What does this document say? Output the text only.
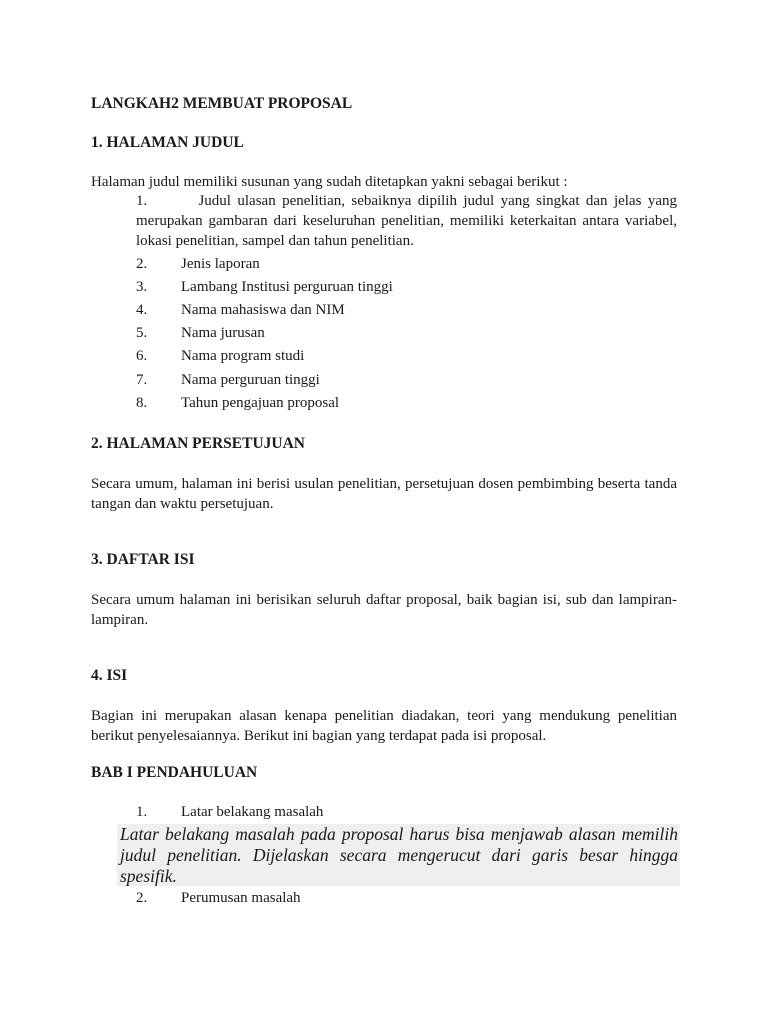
LANGKAH2 MEMBUAT PROPOSAL
1. HALAMAN JUDUL
Halaman judul memiliki susunan yang sudah ditetapkan yakni sebagai berikut :
1.        Judul ulasan penelitian, sebaiknya dipilih judul yang singkat dan jelas yang merupakan gambaran dari keseluruhan penelitian, memiliki keterkaitan antara variabel, lokasi penelitian, sampel dan tahun penelitian.
2. Jenis laporan
3. Lambang Institusi perguruan tinggi
4. Nama mahasiswa dan NIM
5. Nama jurusan
6. Nama program studi
7. Nama perguruan tinggi
8. Tahun pengajuan proposal
2. HALAMAN PERSETUJUAN
Secara umum, halaman ini berisi usulan penelitian, persetujuan dosen pembimbing beserta tanda tangan dan waktu persetujuan.
3. DAFTAR ISI
Secara umum halaman ini berisikan seluruh daftar proposal, baik bagian isi, sub dan lampiran-lampiran.
4. ISI
Bagian ini merupakan alasan kenapa penelitian diadakan, teori yang mendukung penelitian berikut penyelesaiannya. Berikut ini bagian yang terdapat pada isi proposal.
BAB I PENDAHULUAN
1. Latar belakang masalah
Latar belakang masalah pada proposal harus bisa menjawab alasan memilih judul penelitian. Dijelaskan secara mengerucut dari garis besar hingga spesifik.
2. Perumusan masalah
